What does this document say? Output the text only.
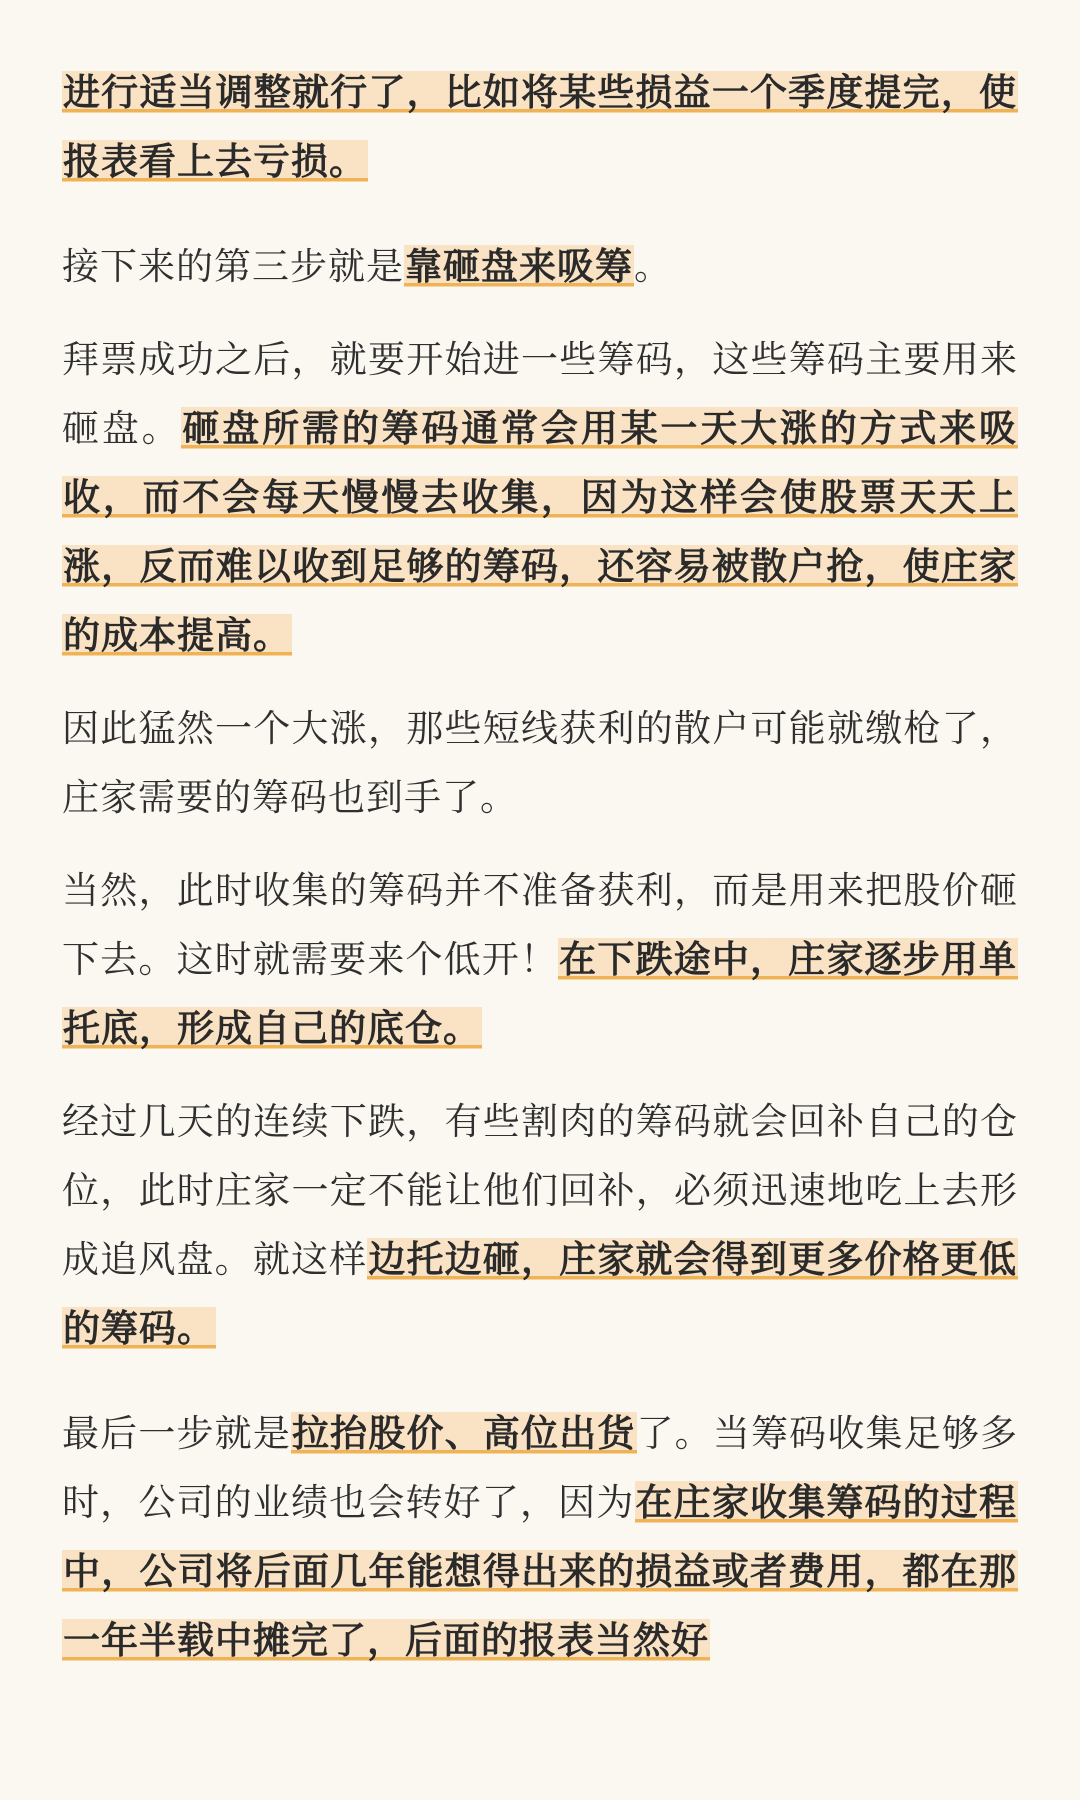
进行适当调整就行了，比如将某些损益一个季度提完，使报表看上去亏损。

接下来的第三步就是靠砸盘来吸筹。

拜票成功之后，就要开始进一些筹码，这些筹码主要用来砸盘。砸盘所需的筹码通常会用某一天大涨的方式来吸收，而不会每天慢慢去收集，因为这样会使股票天天上涨，反而难以收到足够的筹码，还容易被散户抢，使庄家的成本提高。

因此猛然一个大涨，那些短线获利的散户可能就缴枪了，庄家需要的筹码也到手了。

当然，此时收集的筹码并不准备获利，而是用来把股价砸下去。这时就需要来个低开！在下跌途中，庄家逐步用单托底，形成自己的底仓。

经过几天的连续下跌，有些割肉的筹码就会回补自己的仓位，此时庄家一定不能让他们回补，必须迅速地吃上去形成追风盘。就这样边托边砸，庄家就会得到更多价格更低的筹码。

最后一步就是拉抬股价、高位出货了。当筹码收集足够多时，公司的业绩也会转好了，因为在庄家收集筹码的过程中，公司将后面几年能想得出来的损益或者费用，都在那一年半载中摊完了，后面的报表当然好
